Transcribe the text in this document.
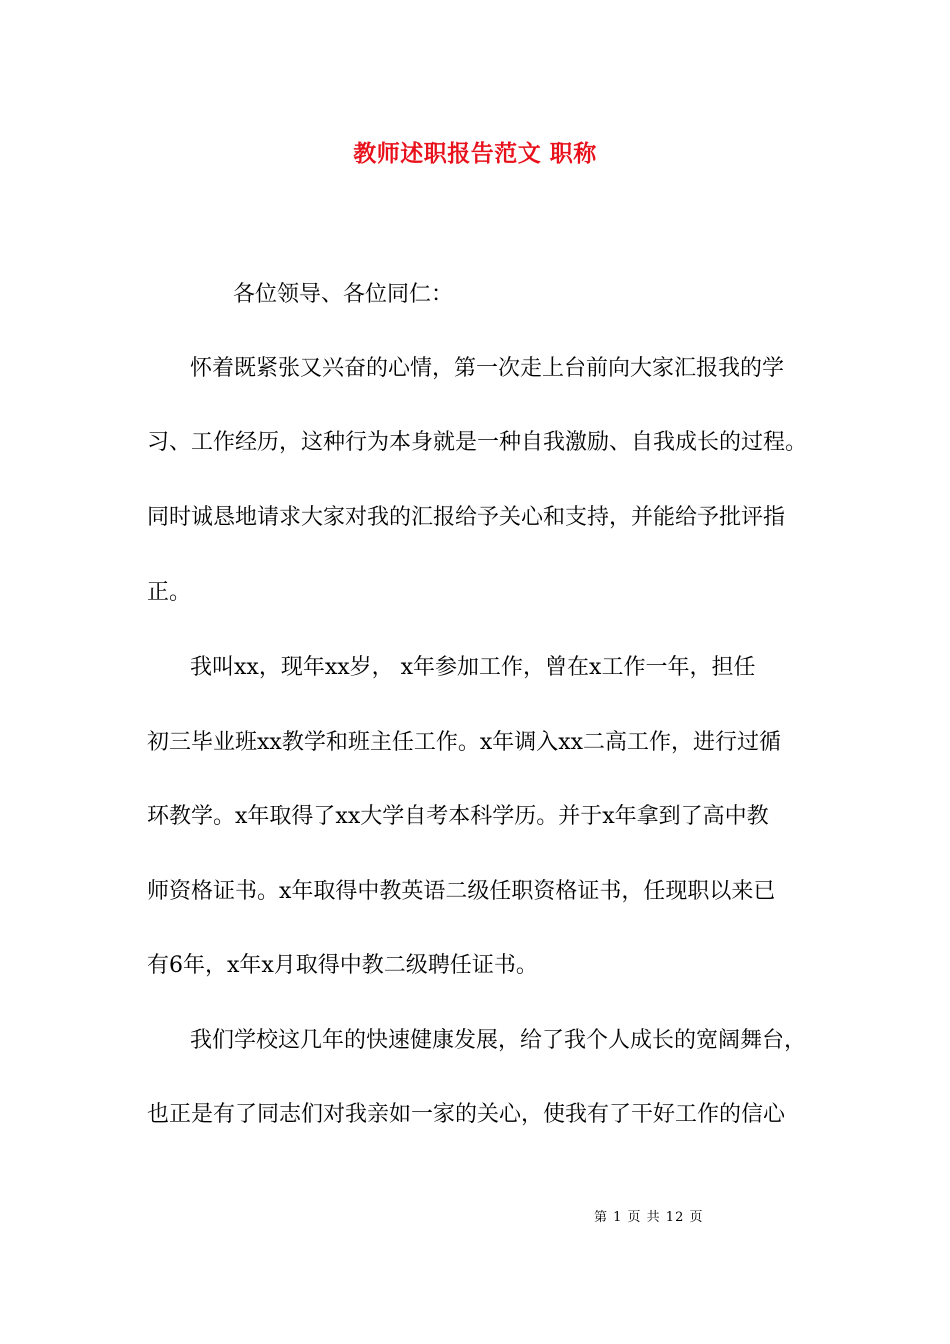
教师述职报告范文 职称
各位领导、各位同仁：
怀着既紧张又兴奋的心情，第一次走上台前向大家汇报我的学
习、工作经历，这种行为本身就是一种自我激励、自我成长的过程。
同时诚恳地请求大家对我的汇报给予关心和支持，并能给予批评指
正。
我叫xx，现年xx岁， x年参加工作，曾在x工作一年，担任
初三毕业班xx教学和班主任工作。x年调入xx二高工作，进行过循
环教学。x年取得了xx大学自考本科学历。并于x年拿到了高中教
师资格证书。x年取得中教英语二级任职资格证书，任现职以来已
有6年，x年x月取得中教二级聘任证书。
我们学校这几年的快速健康发展，给了我个人成长的宽阔舞台，
也正是有了同志们对我亲如一家的关心，使我有了干好工作的信心
第 1 页 共 12 页
